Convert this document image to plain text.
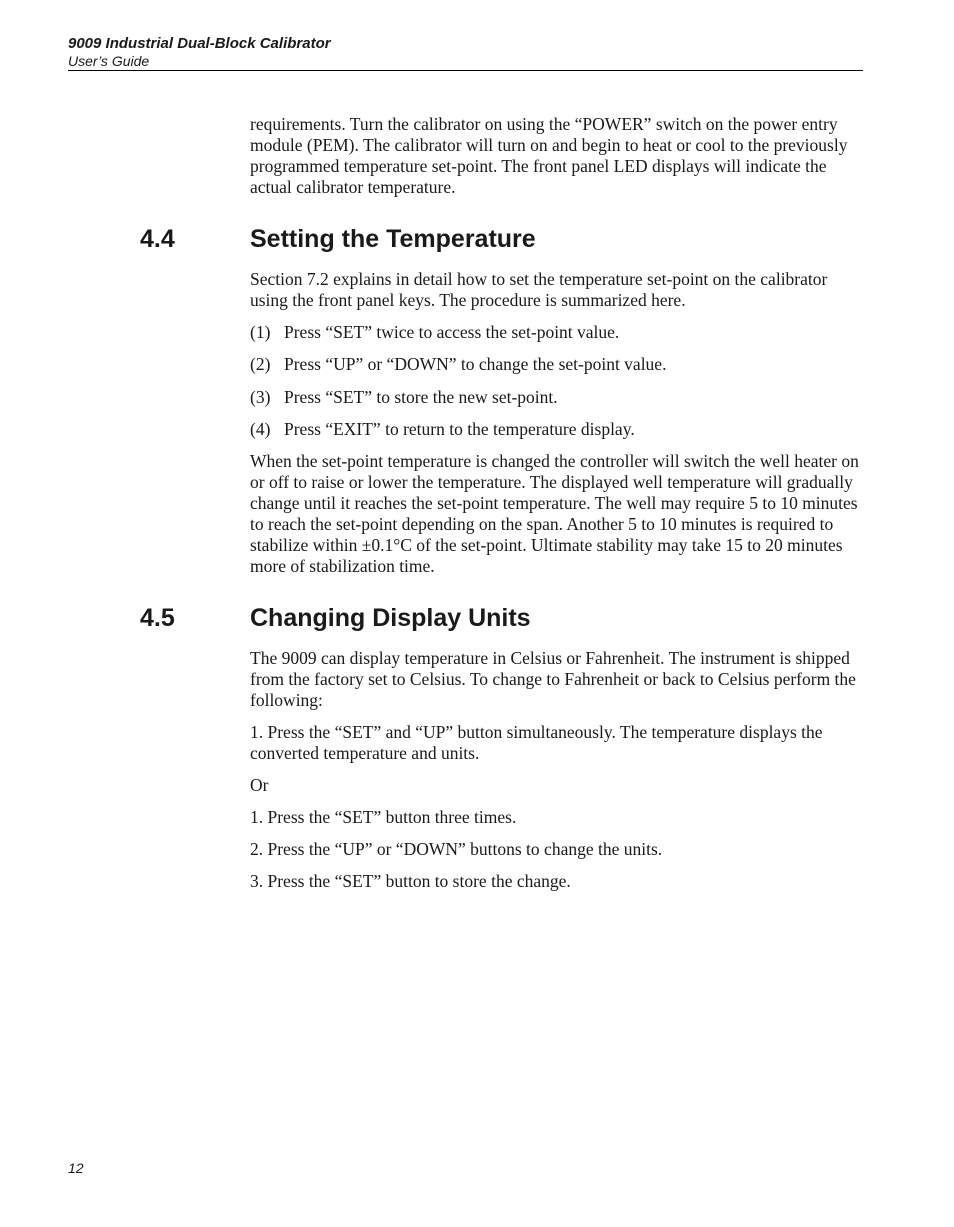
9009 Industrial Dual-Block Calibrator

User’s Guide

requirements. Turn the calibrator on using the “POWER” switch on the power entry module (PEM). The calibrator will turn on and begin to heat or cool to the previously programmed temperature set-point. The front panel LED displays will indicate the actual calibrator temperature.

4.4	Setting the Temperature

Section 7.2 explains in detail how to set the temperature set-point on the calibrator using the front panel keys. The procedure is summarized here.

(1) Press “SET” twice to access the set-point value.

(2) Press “UP” or “DOWN” to change the set-point value.

(3) Press “SET” to store the new set-point.

(4) Press “EXIT” to return to the temperature display.

When the set-point temperature is changed the controller will switch the well heater on or off to raise or lower the temperature. The displayed well temperature will gradually change until it reaches the set-point temperature. The well may require 5 to 10 minutes to reach the set-point depending on the span. Another 5 to 10 minutes is required to stabilize within ±0.1°C of the set-point. Ultimate stability may take 15 to 20 minutes more of stabilization time.

4.5	Changing Display Units

The 9009 can display temperature in Celsius or Fahrenheit. The instrument is shipped from the factory set to Celsius. To change to Fahrenheit or back to Celsius perform the following:

1. Press the “SET” and “UP” button simultaneously. The temperature displays the converted temperature and units.

Or

1. Press the “SET” button three times.

2. Press the “UP” or “DOWN” buttons to change the units.

3. Press the “SET” button to store the change.

12
